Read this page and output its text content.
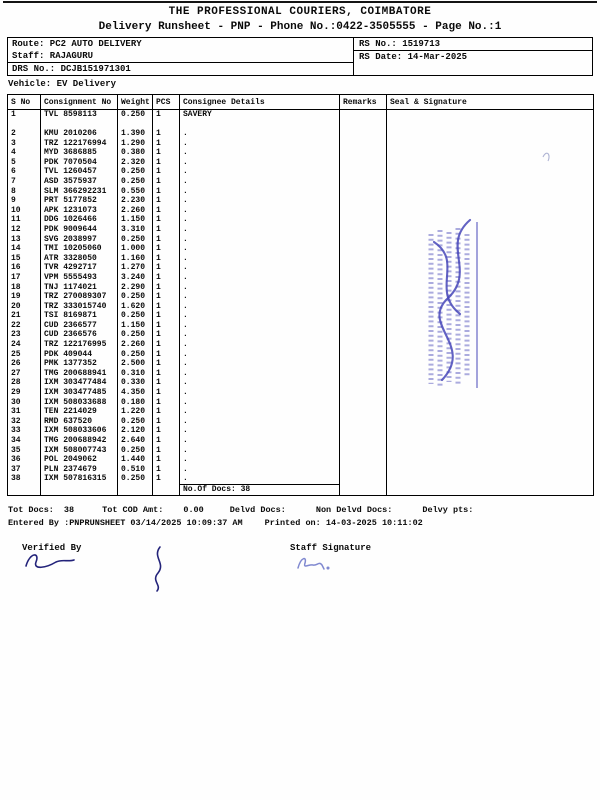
THE PROFESSIONAL COURIERS, COIMBATORE
Delivery Runsheet - PNP - Phone No.:0422-3505555 - Page No.:1
Route: PC2 AUTO DELIVERY
Staff: RAJAGURU
DRS No.: DCJB151971301
RS No.: 1519713
RS Date: 14-Mar-2025
Vehicle: EV Delivery
S No	Consignment No	Weight	PCS	Consignee Details	Remarks	Seal & Signature
1	TVL 8598113	0.250	1	SAVERY		
2	KMU 2010206	1.390	1	.		
3	TRZ 122176994	1.290	1	.		
4	MYD 3686885	0.380	1	.		
5	PDK 7070504	2.320	1	.		
6	TVL 1260457	0.250	1	.		
7	ASD 3575937	0.250	1	.		
8	SLM 366292231	0.550	1	.		
9	PRT 5177852	2.230	1	.		
10	APK 1231073	2.260	1	.		
11	DDG 1026466	1.150	1	.		
12	PDK 9009644	3.310	1	.		
13	SVG 2038997	0.250	1	.		
14	TMI 10205060	1.000	1	.		
15	ATR 3328050	1.160	1	.		
16	TVR 4292717	1.270	1	.		
17	VPM 5555493	3.240	1	.		
18	TNJ 1174021	2.290	1	.		
19	TRZ 270089307	0.250	1	.		
20	TRZ 333015740	1.620	1	.		
21	TSI 8169871	0.250	1	.		
22	CUD 2366577	1.150	1	.		
23	CUD 2366576	0.250	1	.		
24	TRZ 122176995	2.260	1	.		
25	PDK 409044	0.250	1	.		
26	PMK 1377352	2.500	1	.		
27	TMG 200688941	0.310	1	.		
28	IXM 303477484	0.330	1	.		
29	IXM 303477485	4.350	1	.		
30	IXM 508033688	0.180	1	.		
31	TEN 2214029	1.220	1	.		
32	RMD 637520	0.250	1	.		
33	IXM 508033606	2.120	1	.		
34	TMG 200688942	2.640	1	.		
35	IXM 508007743	0.250	1	.		
36	POL 2049062	1.440	1	.		
37	PLN 2374679	0.510	1	.		
38	IXM 507816315	0.250	1	.		
				No.Of Docs: 38		
Tot Docs: 38	Tot COD Amt: 0.00	Delvd Docs:	Non Delvd Docs:	Delvy pts:
Entered By :PNPRUNSHEET 03/14/2025 10:09:37 AM	Printed on: 14-03-2025 10:11:02
Verified By	Staff Signature
